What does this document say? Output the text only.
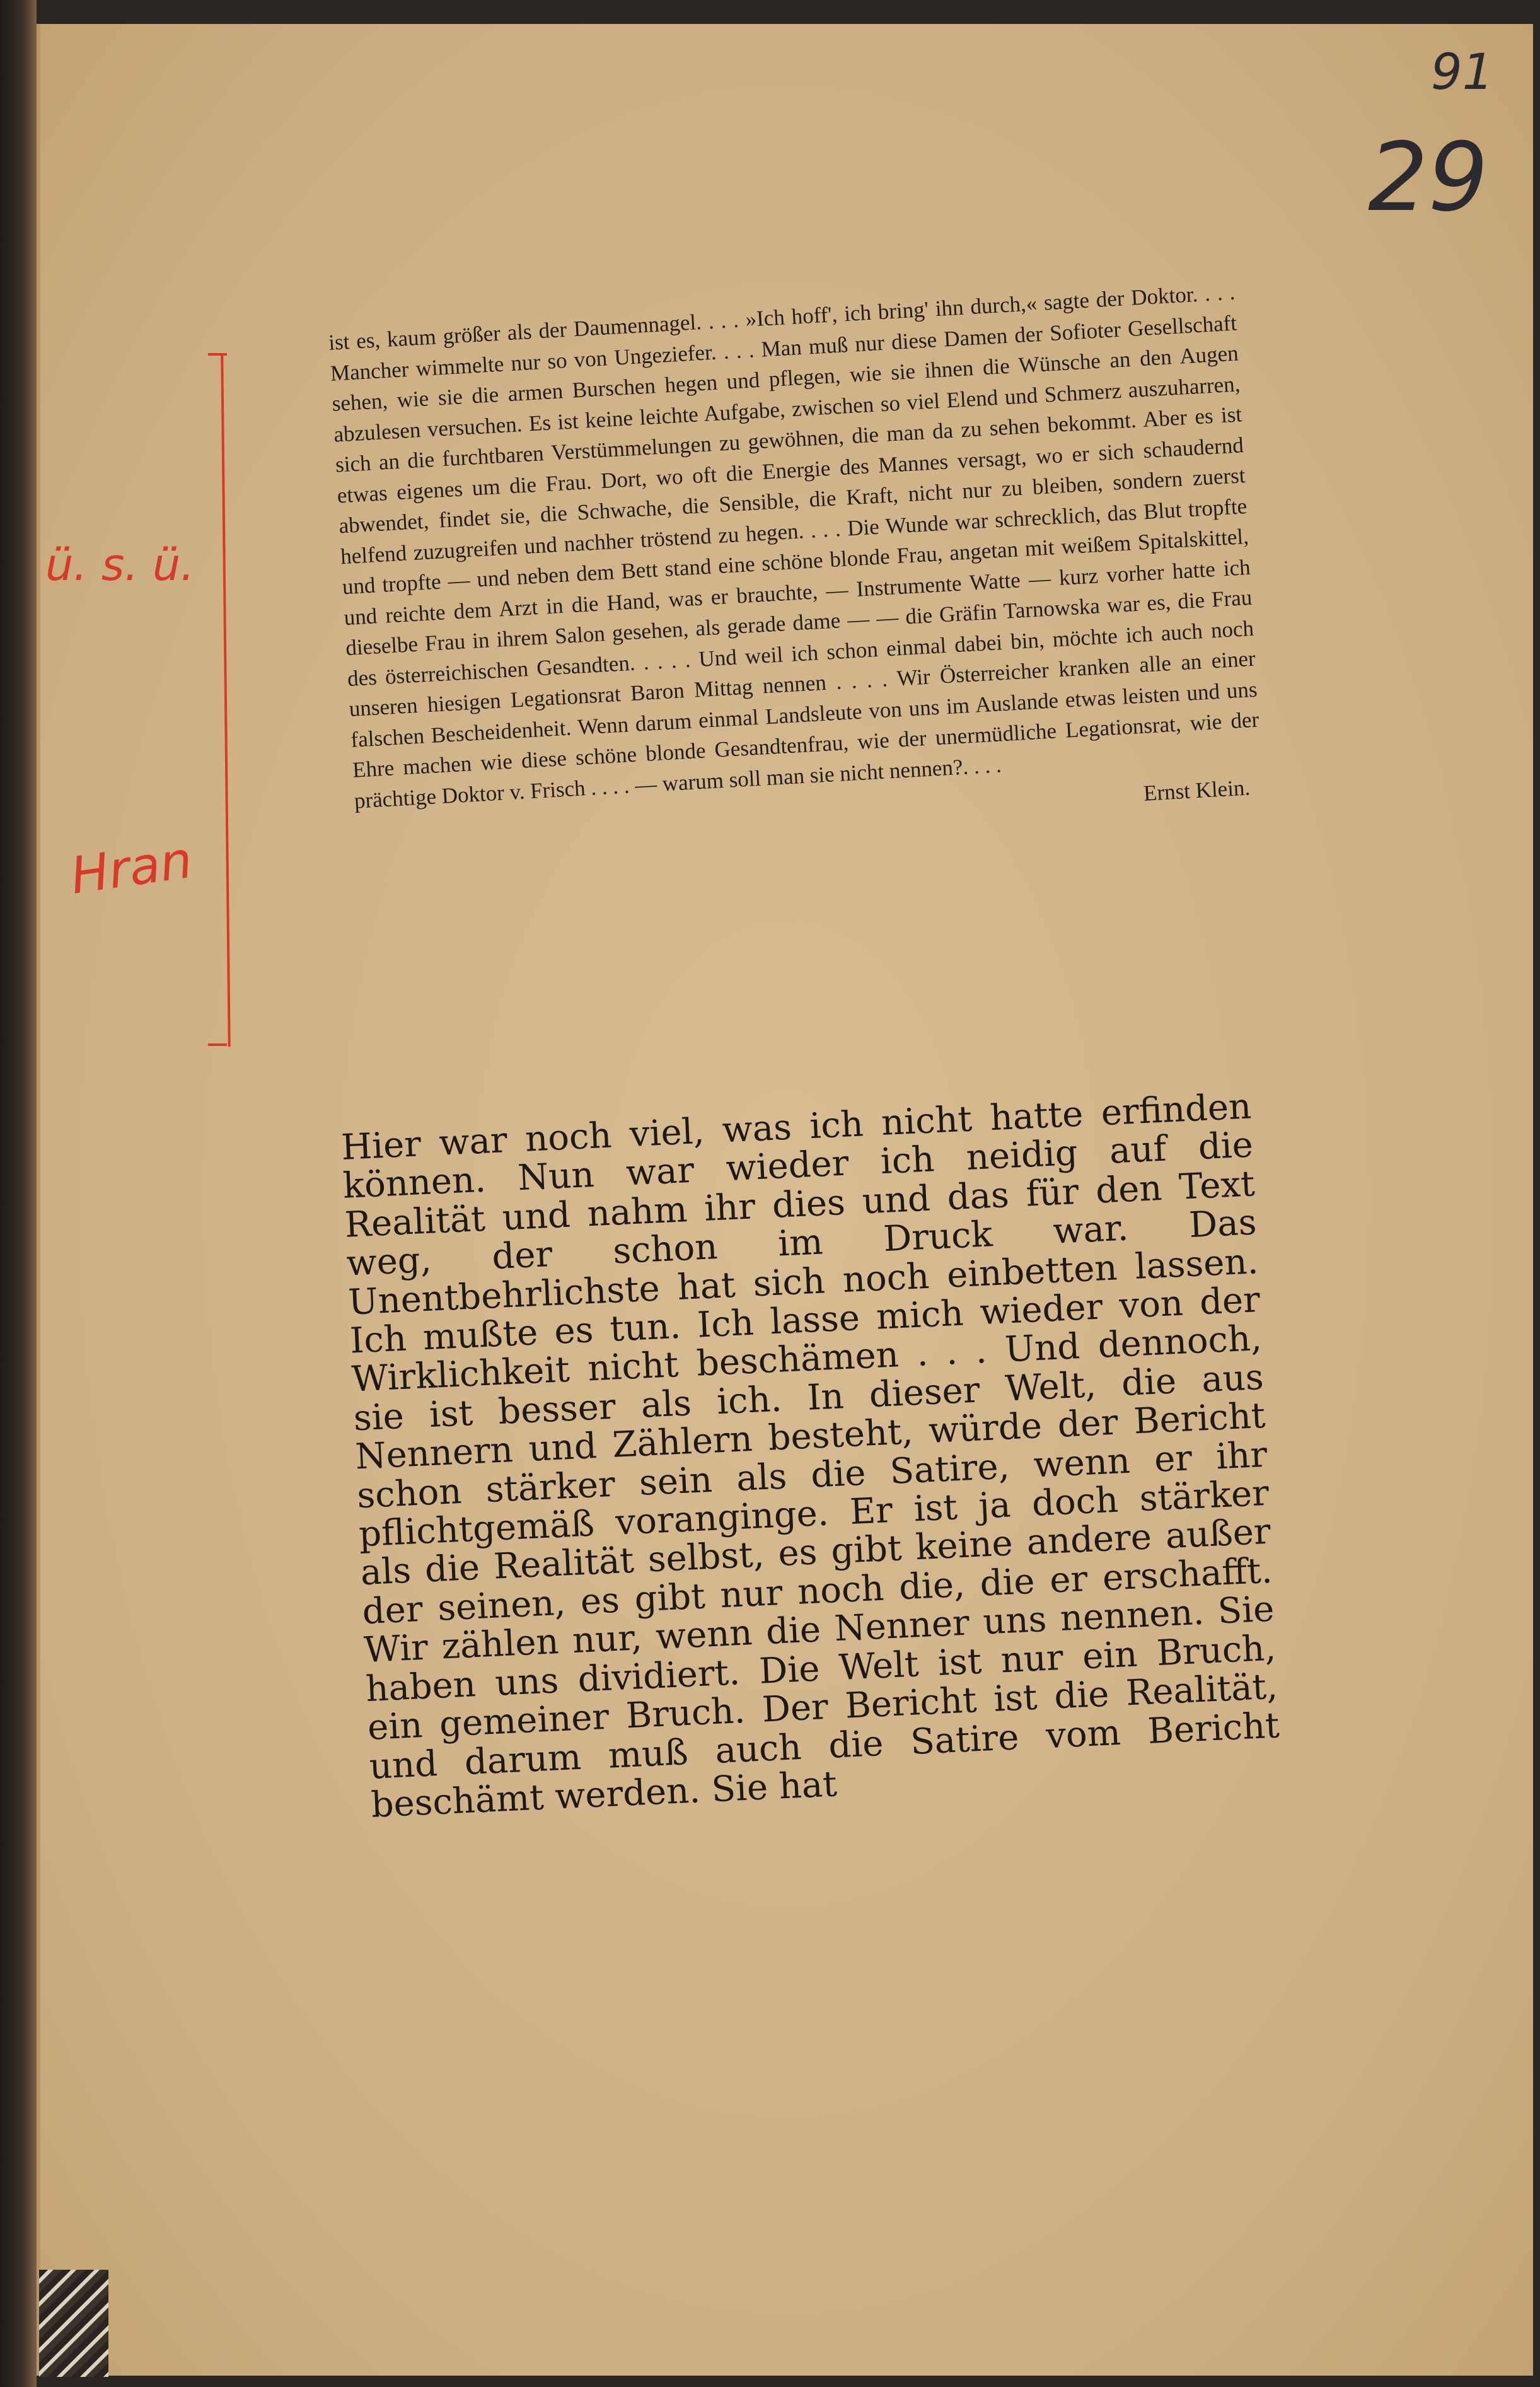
91
29
ü. s. ü.
Hran

ist es, kaum größer als der Daumennagel. . . . »Ich hoff', ich bring' ihn durch,« sagte der Doktor. . . . Mancher wimmelte nur so von Ungeziefer. . . . Man muß nur diese Damen der Sofioter Gesellschaft sehen, wie sie die armen Burschen hegen und pflegen, wie sie ihnen die Wünsche an den Augen abzulesen versuchen. Es ist keine leichte Aufgabe, zwischen so viel Elend und Schmerz auszuharren, sich an die furchtbaren Verstümmelungen zu gewöhnen, die man da zu sehen bekommt. Aber es ist etwas eigenes um die Frau. Dort, wo oft die Energie des Mannes versagt, wo er sich schaudernd abwendet, findet sie, die Schwache, die Sensible, die Kraft, nicht nur zu bleiben, sondern zuerst helfend zuzugreifen und nachher tröstend zu hegen. . . . Die Wunde war schrecklich, das Blut tropfte und tropfte — und neben dem Bett stand eine schöne blonde Frau, angetan mit weißem Spitalskittel, und reichte dem Arzt in die Hand, was er brauchte, — Instrumente Watte — kurz vorher hatte ich dieselbe Frau in ihrem Salon gesehen, als gerade dame — — die Gräfin Tarnowska war es, die Frau des österreichischen Gesandten. . . . . Und weil ich schon einmal dabei bin, möchte ich auch noch unseren hiesigen Legationsrat Baron Mittag nennen . . . . Wir Österreicher kranken alle an einer falschen Bescheidenheit. Wenn darum einmal Landsleute von uns im Auslande etwas leisten und uns Ehre machen wie diese schöne blonde Gesandtenfrau, wie der unermüdliche Legationsrat, wie der prächtige Doktor v. Frisch . . . . — warum soll man sie nicht nennen?. . . .	Ernst Klein.

Hier war noch viel, was ich nicht hatte erfinden können. Nun war wieder ich neidig auf die Realität und nahm ihr dies und das für den Text weg, der schon im Druck war. Das Unentbehrlichste hat sich noch einbetten lassen. Ich mußte es tun. Ich lasse mich wieder von der Wirklichkeit nicht beschämen . . . Und dennoch, sie ist besser als ich. In dieser Welt, die aus Nennern und Zählern besteht, würde der Bericht schon stärker sein als die Satire, wenn er ihr pflichtgemäß voranginge. Er ist ja doch stärker als die Realität selbst, es gibt keine andere außer der seinen, es gibt nur noch die, die er erschafft. Wir zählen nur, wenn die Nenner uns nennen. Sie haben uns dividiert. Die Welt ist nur ein Bruch, ein gemeiner Bruch. Der Bericht ist die Realität, und darum muß auch die Satire vom Bericht beschämt werden. Sie hat
